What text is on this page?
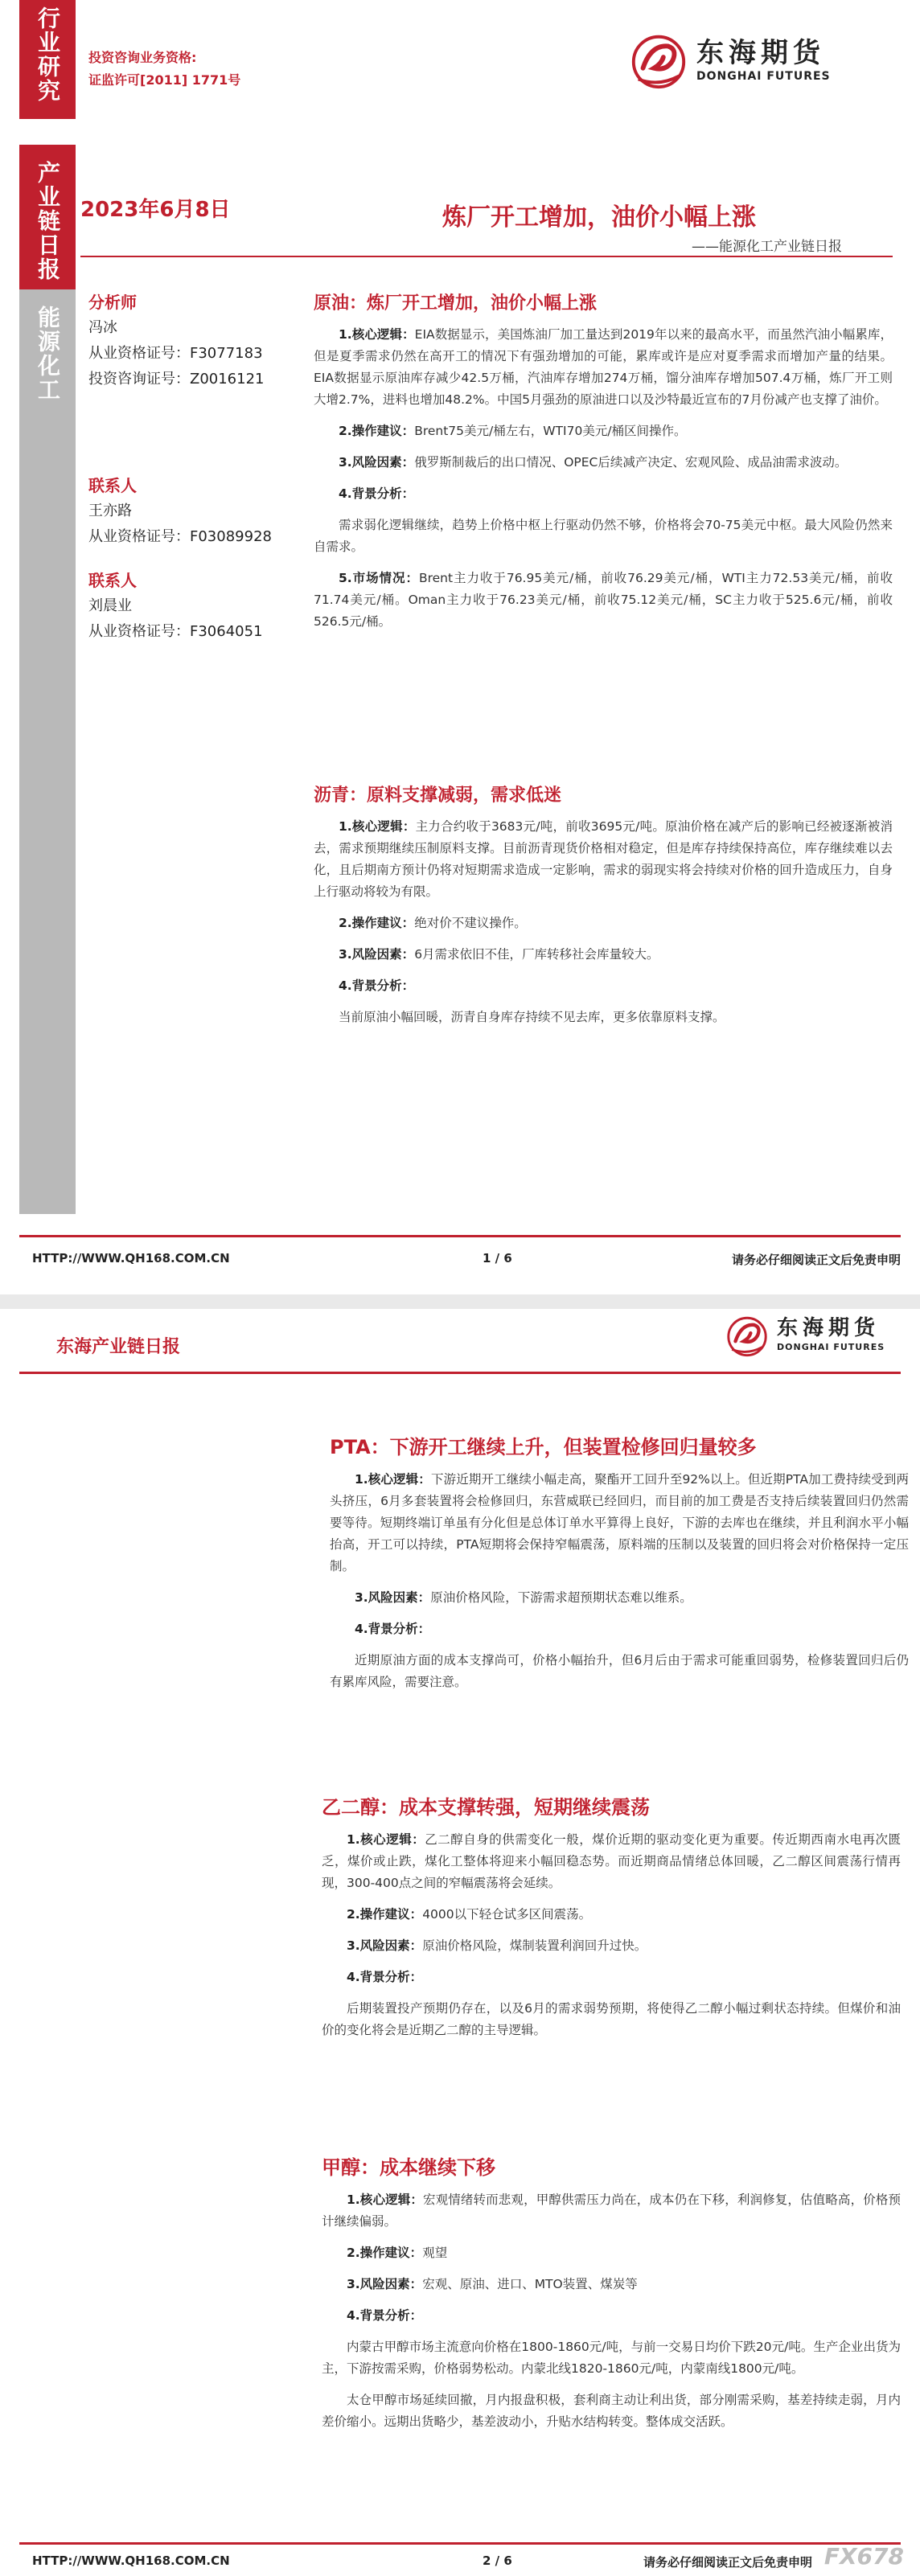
行业研究 投资咨询业务资格:
证监许可[2011] 1771号
东海期货
DONGHAI FUTURES
产业链日报
能源化工
2023年6月8日	炼厂开工增加，油价小幅上涨
——能源化工产业链日报
分析师
冯冰
从业资格证号：F3077183
投资咨询证号：Z0016121
联系人
王亦路
从业资格证号：F03089928
联系人
刘晨业
从业资格证号：F3064051
原油：炼厂开工增加，油价小幅上涨

1.核心逻辑：EIA数据显示，美国炼油厂加工量达到2019年以来的最高水平，而虽然汽油小幅累库，但是夏季需求仍然在高开工的情况下有强劲增加的可能，累库或许是应对夏季需求而增加产量的结果。EIA数据显示原油库存减少42.5万桶，汽油库存增加274万桶，馏分油库存增加507.4万桶，炼厂开工则大增2.7%，进料也增加48.2%。中国5月强劲的原油进口以及沙特最近宣布的7月份减产也支撑了油价。

2.操作建议：Brent75美元/桶左右，WTI70美元/桶区间操作。

3.风险因素：俄罗斯制裁后的出口情况、OPEC后续减产决定、宏观风险、成品油需求波动。

4.背景分析：

需求弱化逻辑继续，趋势上价格中枢上行驱动仍然不够，价格将会70-75美元中枢。最大风险仍然来自需求。

5.市场情况：Brent主力收于76.95美元/桶，前收76.29美元/桶，WTI主力72.53美元/桶，前收71.74美元/桶。Oman主力收于76.23美元/桶，前收75.12美元/桶，SC主力收于525.6元/桶，前收526.5元/桶。

沥青：原料支撑减弱，需求低迷

1.核心逻辑：主力合约收于3683元/吨，前收3695元/吨。原油价格在减产后的影响已经被逐渐被消去，需求预期继续压制原料支撑。目前沥青现货价格相对稳定，但是库存持续保持高位，库存继续难以去化，且后期南方预计仍将对短期需求造成一定影响，需求的弱现实将会持续对价格的回升造成压力，自身上行驱动将较为有限。

2.操作建议：绝对价不建议操作。

3.风险因素：6月需求依旧不佳，厂库转移社会库量较大。

4.背景分析：

当前原油小幅回暖，沥青自身库存持续不见去库，更多依靠原料支撑。

HTTP://WWW.QH168.COM.CN	1 / 6	请务必仔细阅读正文后免责申明
东海产业链日报
东海期货
DONGHAI FUTURES
PTA：下游开工继续上升，但装置检修回归量较多

1.核心逻辑：下游近期开工继续小幅走高，聚酯开工回升至92%以上。但近期PTA加工费持续受到两头挤压，6月多套装置将会检修回归，东营威联已经回归，而目前的加工费是否支持后续装置回归仍然需要等待。短期终端订单虽有分化但是总体订单水平算得上良好，下游的去库也在继续，并且利润水平小幅抬高，开工可以持续，PTA短期将会保持窄幅震荡，原料端的压制以及装置的回归将会对价格保持一定压制。

3.风险因素：原油价格风险，下游需求超预期状态难以维系。

4.背景分析：

近期原油方面的成本支撑尚可，价格小幅抬升，但6月后由于需求可能重回弱势，检修装置回归后仍有累库风险，需要注意。

乙二醇：成本支撑转强，短期继续震荡

1.核心逻辑：乙二醇自身的供需变化一般，煤价近期的驱动变化更为重要。传近期西南水电再次匮乏，煤价或止跌，煤化工整体将迎来小幅回稳态势。而近期商品情绪总体回暖，乙二醇区间震荡行情再现，300-400点之间的窄幅震荡将会延续。

2.操作建议：4000以下轻仓试多区间震荡。

3.风险因素：原油价格风险，煤制装置利润回升过快。

4.背景分析：

后期装置投产预期仍存在，以及6月的需求弱势预期，将使得乙二醇小幅过剩状态持续。但煤价和油价的变化将会是近期乙二醇的主导逻辑。

甲醇：成本继续下移

1.核心逻辑：宏观情绪转而悲观，甲醇供需压力尚在，成本仍在下移，利润修复，估值略高，价格预计继续偏弱。

2.操作建议：观望

3.风险因素：宏观、原油、进口、MTO装置、煤炭等

4.背景分析：

内蒙古甲醇市场主流意向价格在1800-1860元/吨，与前一交易日均价下跌20元/吨。生产企业出货为主，下游按需采购，价格弱势松动。内蒙北线1820-1860元/吨，内蒙南线1800元/吨。

太仓甲醇市场延续回撤，月内报盘积极，套利商主动让利出货，部分刚需采购，基差持续走弱，月内差价缩小。远期出货略少，基差波动小，升贴水结构转变。整体成交活跃。

HTTP://WWW.QH168.COM.CN	2 / 6	请务必仔细阅读正文后免责申明 FX678
